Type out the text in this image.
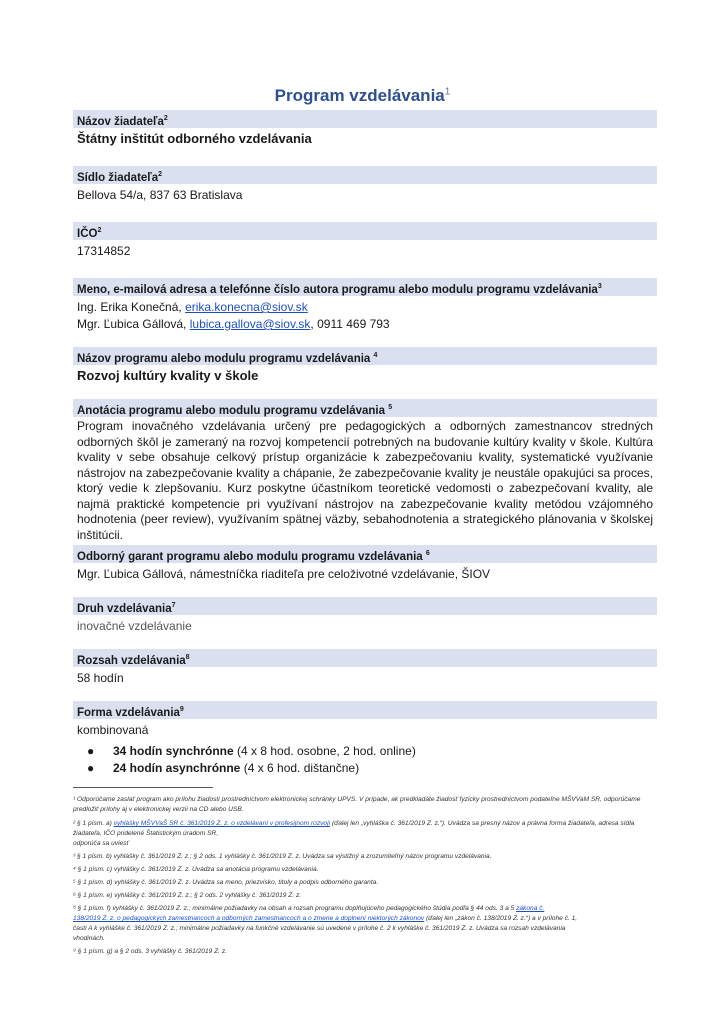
Program vzdelávania$^1$
Názov žiadateľa$^2$
Štátny inštitút odborného vzdelávania
Sídlo žiadateľa$^2$
Bellova 54/a, 837 63 Bratislava
IČO$^2$
17314852
Meno, e-mailová adresa a telefónne číslo autora programu alebo modulu programu vzdelávania$^3$
Ing. Erika Konečná, erika.konecna@siov.sk
Mgr. Ľubica Gállová, lubica.gallova@siov.sk, 0911 469 793
Názov programu alebo modulu programu vzdelávania $^4$
Rozvoj kultúry kvality v škole
Anotácia programu alebo modulu programu vzdelávania $^5$
Program inovačného vzdelávania určený pre pedagogických a odborných zamestnancov stredných odborných škôl je zameraný na rozvoj kompetencií potrebných na budovanie kultúry kvality v škole. Kultúra kvality v sebe obsahuje celkový prístup organizácie k zabezpečovaniu kvality, systematické využívanie nástrojov na zabezpečovanie kvality a chápanie, že zabezpečovanie kvality je neustále opakujúci sa proces, ktorý vedie k zlepšovaniu. Kurz poskytne účastníkom teoretické vedomosti o zabezpečovaní kvality, ale najmä praktické kompetencie pri využívaní nástrojov na zabezpečovanie kvality metódou vzájomného hodnotenia (peer review), využívaním spätnej väzby, sebahodnotenia a strategického plánovania v školskej inštitúcii.
Odborný garant programu alebo modulu programu vzdelávania $^6$
Mgr. Ľubica Gállová, námestníčka riaditeľa pre celoživotné vzdelávanie, ŠIOV
Druh vzdelávania$^7$
inovačné vzdelávanie
Rozsah vzdelávania$^8$
58 hodín
Forma vzdelávania$^9$
kombinovaná
● 34 hodín synchrónne (4 x 8 hod. osobne, 2 hod. online)
● 24 hodín asynchrónne (4 x 6 hod. dištančne)
¹ Odporúčame zaslať program ako prílohu žiadosti prostredníctvom elektronickej schránky UPVS. V prípade, ak predkladáte žiadosť fyzicky prostredníctvom podateľne MŠVVaM SR, odporúčame predložiť prílohy aj v elektronickej verzii na CD alebo USB.
² § 1 písm. a) vyhlášky MŠVVaŠ SR č. 361/2019 Z. z. o vzdelávaní v profesijnom rozvoji (ďalej len „vyhláška č. 361/2019 Z. z.“). Uvádza sa presný názov a právna forma žiadateľa, adresa sídla žiadateľa, IČO pridelené Štatistickým úradom SR,
odporúča sa uviesť
³ § 1 písm. b) vyhlášky č. 361/2019 Z. z.; § 2 ods. 1 vyhlášky č. 361/2019 Z. z. Uvádza sa výstižný a zrozumiteľný názov programu vzdelávania.
⁴ § 1 písm. c) vyhlášky č. 361/2019 Z. z. Uvádza sa anotácia programu vzdelávania.
⁵ § 1 písm. d) vyhlášky č. 361/2019 Z. z. Uvádza sa meno, priezvisko, tituly a podpis odborného garanta.
⁶ § 1 písm. e) vyhlášky č. 361/2019 Z. z.; § 2 ods. 2 vyhlášky č. 361/2019 Z. z.
⁸ § 1 písm. f) vyhlášky č. 361/2019 Z. z.; minimálne požiadavky na obsah a rozsah programu doplňujúceho pedagogického štúdia podľa § 44 ods. 3 a 5 zákona č.
138/2019 Z. z. o pedagogických zamestnancoch a odborných zamestnancoch a o zmene a doplnení niektorých zákonov (ďalej len „zákon č. 138/2019 Z. z.“) a v prílohe č. 1,
časti A k vyhláške č. 361/2019 Z. z.; minimálne požiadavky na funkčné vzdelávanie sú uvedené v prílohe č. 2 k vyhláške č. 361/2019 Z. z. Uvádza sa rozsah vzdelávania
vhodinách.
⁹ § 1 písm. g) a § 2 ods. 3 vyhlášky č. 361/2019 Z. z.
